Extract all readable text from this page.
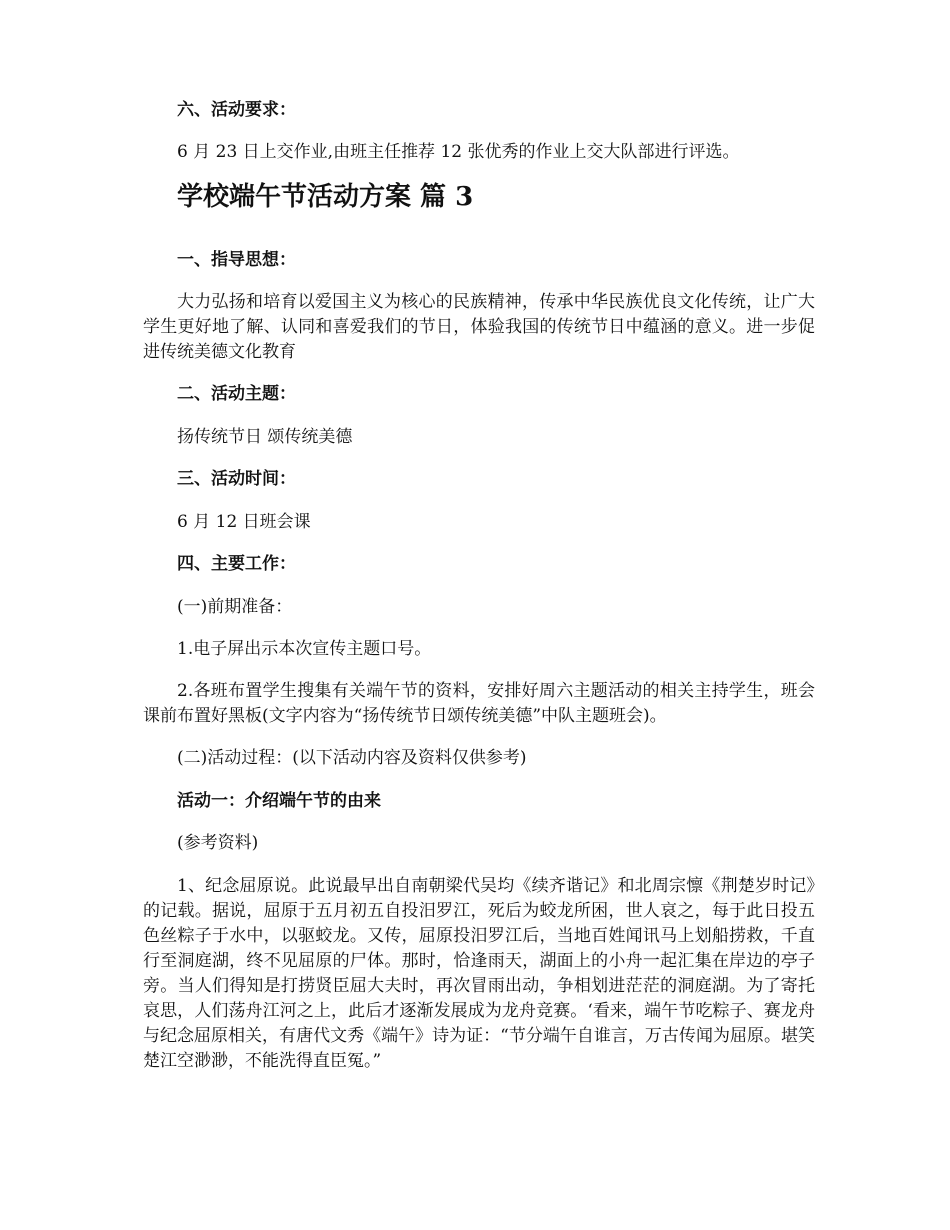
六、活动要求：

6 月 23 日上交作业,由班主任推荐 12 张优秀的作业上交大队部进行评选。

学校端午节活动方案 篇 3

一、指导思想：

大力弘扬和培育以爱国主义为核心的民族精神，传承中华民族优良文化传统，让广大学生更好地了解、认同和喜爱我们的节日，体验我国的传统节日中蕴涵的意义。进一步促进传统美德文化教育

二、活动主题：

扬传统节日 颂传统美德

三、活动时间：

6 月 12 日班会课

四、主要工作：

(一)前期准备：

1.电子屏出示本次宣传主题口号。

2.各班布置学生搜集有关端午节的资料，安排好周六主题活动的相关主持学生，班会课前布置好黑板(文字内容为“扬传统节日颂传统美德”中队主题班会)。

(二)活动过程：(以下活动内容及资料仅供参考)

活动一：介绍端午节的由来

(参考资料)

1、纪念屈原说。此说最早出自南朝梁代吴均《续齐谐记》和北周宗懔《荆楚岁时记》的记载。据说，屈原于五月初五自投汨罗江，死后为蛟龙所困，世人哀之，每于此日投五色丝粽子于水中，以驱蛟龙。又传，屈原投汨罗江后，当地百姓闻讯马上划船捞救，千直行至洞庭湖，终不见屈原的尸体。那时，恰逢雨天，湖面上的小舟一起汇集在岸边的亭子旁。当人们得知是打捞贤臣屈大夫时，再次冒雨出动，争相划进茫茫的洞庭湖。为了寄托哀思，人们荡舟江河之上，此后才逐渐发展成为龙舟竞赛。‘看来，端午节吃粽子、赛龙舟与纪念屈原相关，有唐代文秀《端午》诗为证：“节分端午自谁言，万古传闻为屈原。堪笑楚江空渺渺，不能洗得直臣冤。”
